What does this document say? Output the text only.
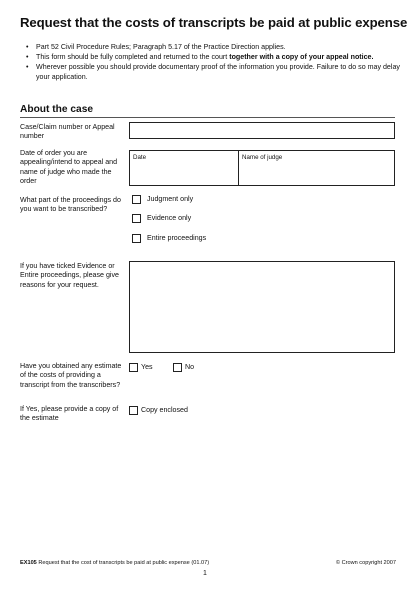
Request that the costs of transcripts be paid at public expense
• Part 52 Civil Procedure Rules; Paragraph 5.17 of the Practice Direction applies.
• This form should be fully completed and returned to the court together with a copy of your appeal notice.
• Wherever possible you should provide documentary proof of the information you provide. Failure to do so may delay your application.
About the case
Case/Claim number or Appeal number
Date of order you are appealing/intend to appeal and name of judge who made the order
Date	Name of judge
What part of the proceedings do you want to be transcribed?
Judgment only
Evidence only
Entire proceedings
If you have ticked Evidence or Entire proceedings, please give reasons for your request.
Have you obtained any estimate of the costs of providing a transcript from the transcribers?
Yes	No
If Yes, please provide a copy of the estimate
Copy enclosed
EX105 Request that the cost of transcripts be paid at public expense (01.07)	© Crown copyright 2007
1
